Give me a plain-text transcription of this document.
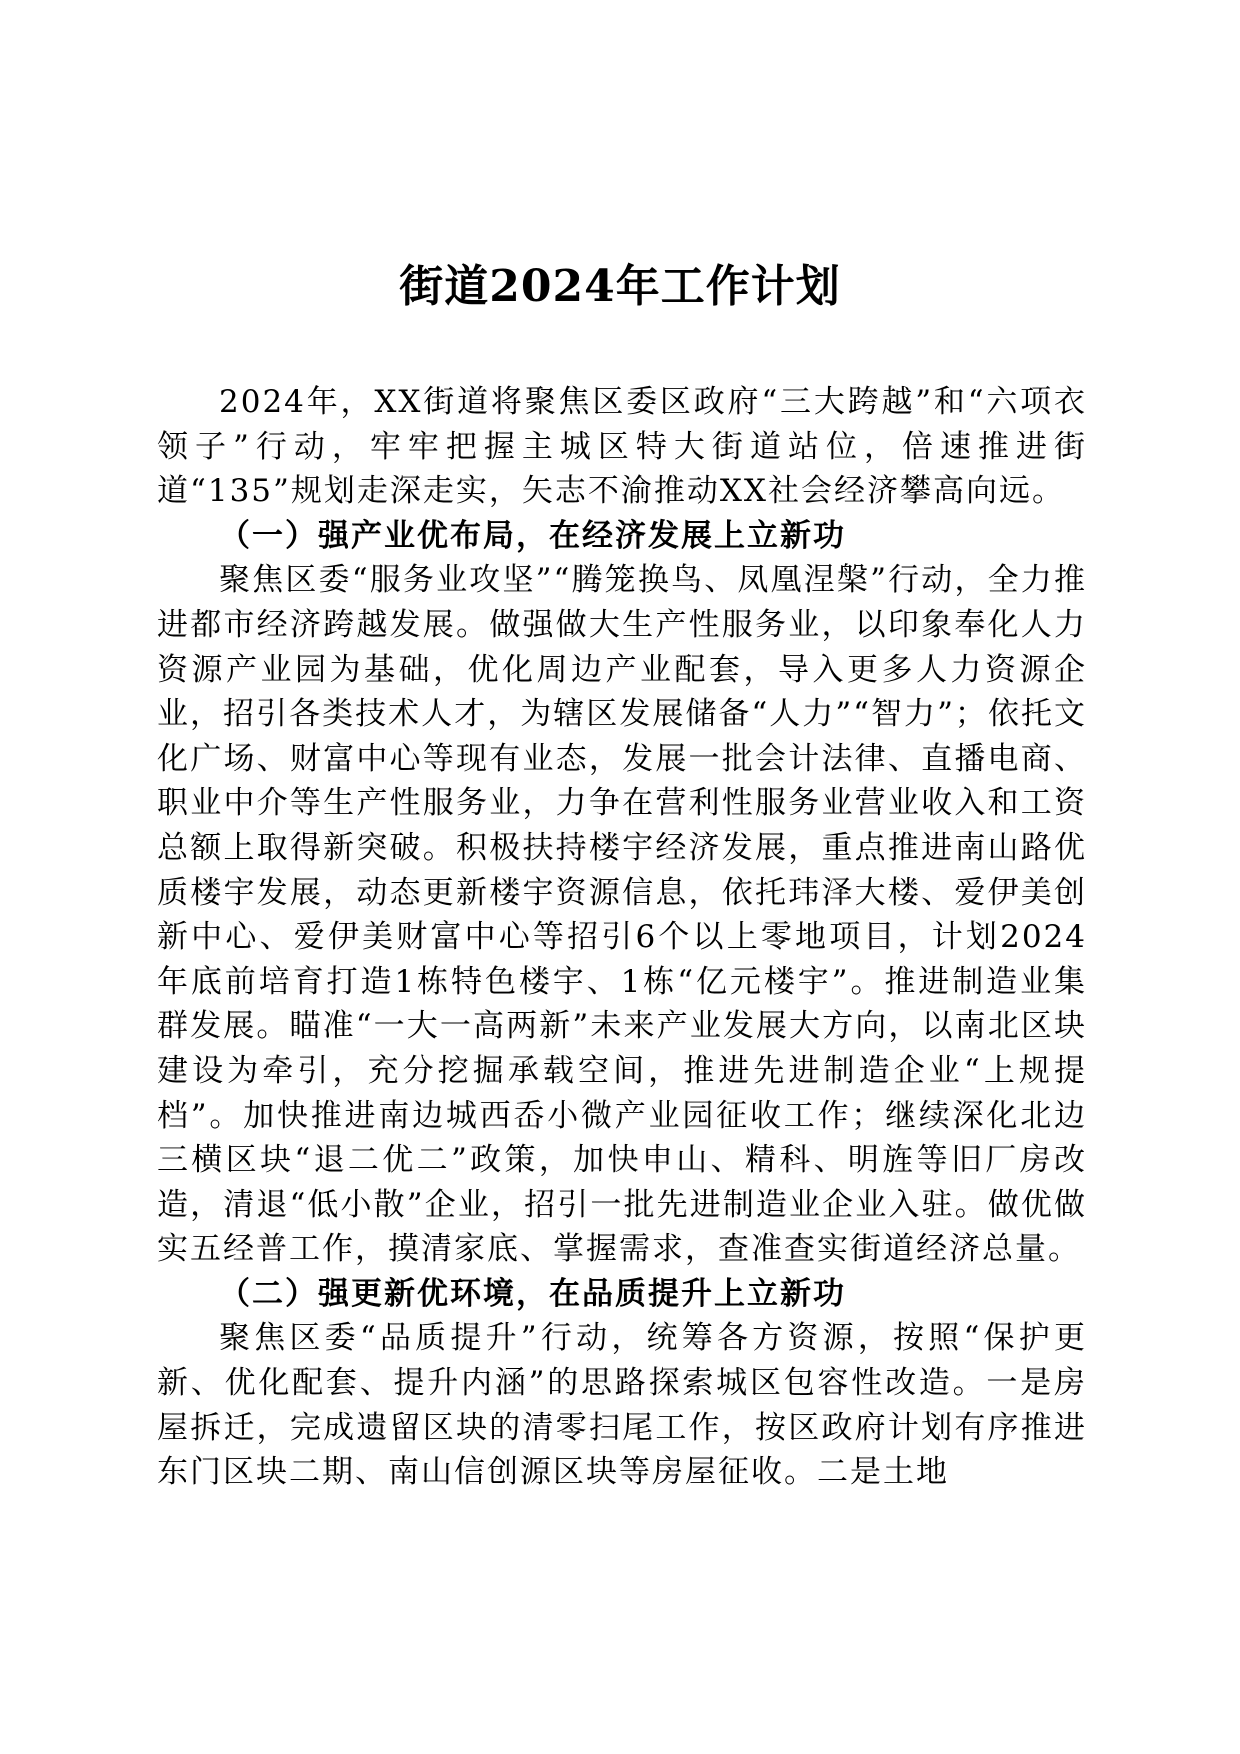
街道2024年工作计划

2024年，XX街道将聚焦区委区政府“三大跨越”和“六项衣领子”行动，牢牢把握主城区特大街道站位，倍速推进街道“135”规划走深走实，矢志不渝推动XX社会经济攀高向远。

（一）强产业优布局，在经济发展上立新功

聚焦区委“服务业攻坚”“腾笼换鸟、凤凰涅槃”行动，全力推进都市经济跨越发展。做强做大生产性服务业，以印象奉化人力资源产业园为基础，优化周边产业配套，导入更多人力资源企业，招引各类技术人才，为辖区发展储备“人力”“智力”；依托文化广场、财富中心等现有业态，发展一批会计法律、直播电商、职业中介等生产性服务业，力争在营利性服务业营业收入和工资总额上取得新突破。积极扶持楼宇经济发展，重点推进南山路优质楼宇发展，动态更新楼宇资源信息，依托玮泽大楼、爱伊美创新中心、爱伊美财富中心等招引6个以上零地项目，计划2024年底前培育打造1栋特色楼宇、1栋“亿元楼宇”。推进制造业集群发展。瞄准“一大一高两新”未来产业发展大方向，以南北区块建设为牵引，充分挖掘承载空间，推进先进制造企业“上规提档”。加快推进南边城西岙小微产业园征收工作；继续深化北边三横区块“退二优二”政策，加快申山、精科、明旌等旧厂房改造，清退“低小散”企业，招引一批先进制造业企业入驻。做优做实五经普工作，摸清家底、掌握需求，查准查实街道经济总量。

（二）强更新优环境，在品质提升上立新功

聚焦区委“品质提升”行动，统筹各方资源，按照“保护更新、优化配套、提升内涵”的思路探索城区包容性改造。一是房屋拆迁，完成遗留区块的清零扫尾工作，按区政府计划有序推进东门区块二期、南山信创源区块等房屋征收。二是土地
